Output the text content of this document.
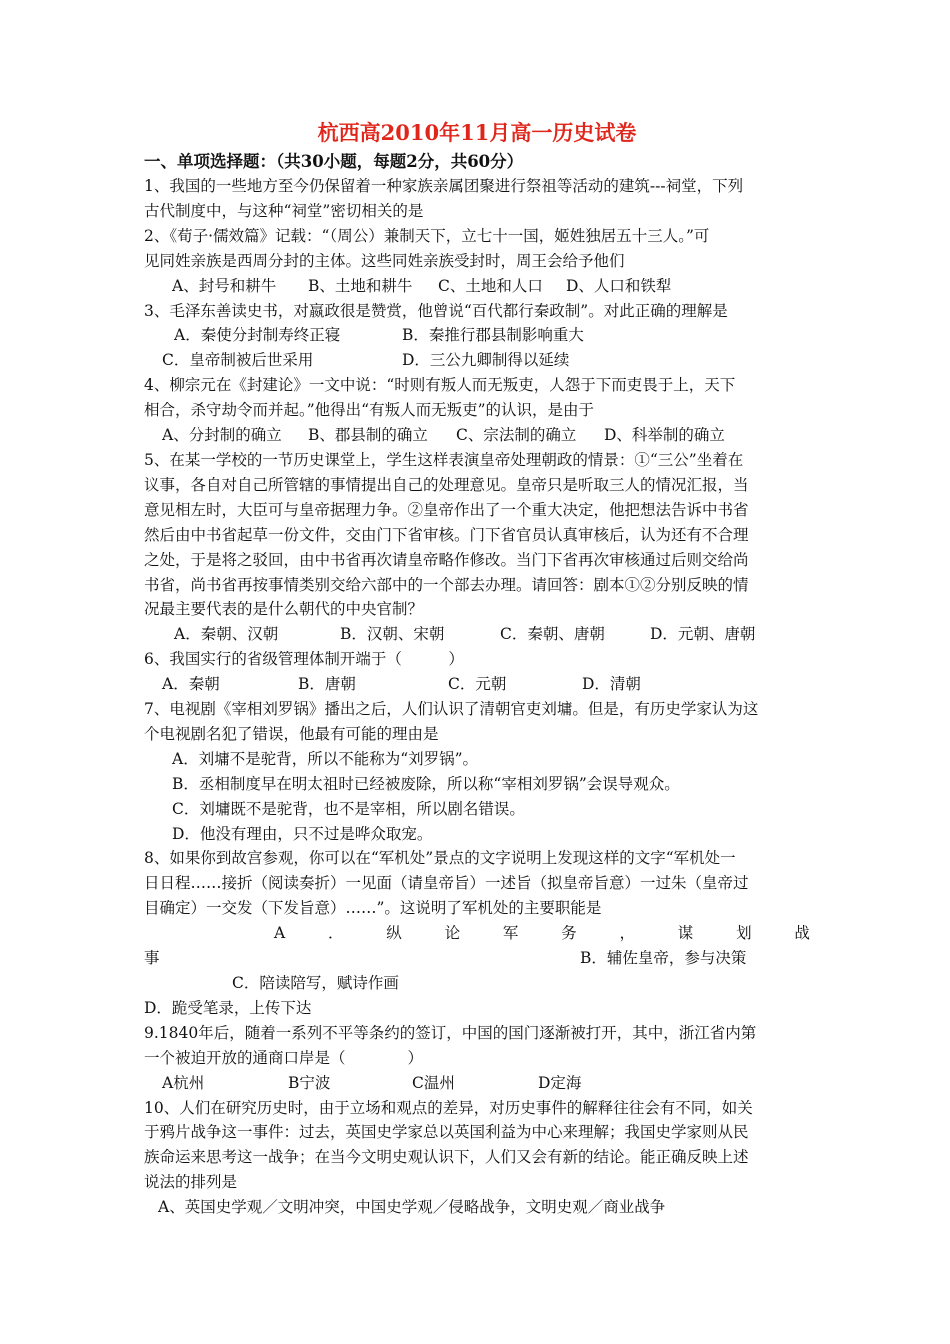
杭西高2010年11月高一历史试卷
一、单项选择题：（共30小题，每题2分，共60分）

1、我国的一些地方至今仍保留着一种家族亲属团聚进行祭祖等活动的建筑---祠堂，下列

古代制度中，与这种“祠堂”密切相关的是

2、《荀子·儒效篇》记载：“（周公）兼制天下，立七十一国，姬姓独居五十三人。”可

见同姓亲族是西周分封的主体。这些同姓亲族受封时，周王会给予他们

A、封号和耕牛	B、土地和耕牛	C、土地和人口	D、人口和铁犁

3、毛泽东善读史书，对嬴政很是赞赏，他曾说“百代都行秦政制”。对此正确的理解是

A．秦使分封制寿终正寝	B．秦推行郡县制影响重大
C．皇帝制被后世采用	D．三公九卿制得以延续

4、柳宗元在《封建论》一文中说：“时则有叛人而无叛吏，人怨于下而吏畏于上，天下

相合，杀守劫令而并起。”他得出“有叛人而无叛吏”的认识，是由于

A、分封制的确立	B、郡县制的确立	C、宗法制的确立	D、科举制的确立

5、在某一学校的一节历史课堂上，学生这样表演皇帝处理朝政的情景：①“三公”坐着在

议事，各自对自己所管辖的事情提出自己的处理意见。皇帝只是听取三人的情况汇报，当

意见相左时，大臣可与皇帝据理力争。②皇帝作出了一个重大决定，他把想法告诉中书省

然后由中书省起草一份文件，交由门下省审核。门下省官员认真审核后，认为还有不合理

之处，于是将之驳回，由中书省再次请皇帝略作修改。当门下省再次审核通过后则交给尚

书省，尚书省再按事情类别交给六部中的一个部去办理。请回答：剧本①②分别反映的情

况最主要代表的是什么朝代的中央官制？

A．秦朝、汉朝	B．汉朝、宋朝	C．秦朝、唐朝	D．元朝、唐朝

6、我国实行的省级管理体制开端于（　　　）

A．秦朝	B．唐朝	C．元朝	D．清朝

7、电视剧《宰相刘罗锅》播出之后，人们认识了清朝官吏刘墉。但是，有历史学家认为这

个电视剧名犯了错误，他最有可能的理由是

A．刘墉不是驼背，所以不能称为“刘罗锅”。

B．丞相制度早在明太祖时已经被废除，所以称“宰相刘罗锅”会误导观众。

C．刘墉既不是驼背，也不是宰相，所以剧名错误。

D．他没有理由，只不过是哗众取宠。

8、如果你到故宫参观，你可以在“军机处”景点的文字说明上发现这样的文字“军机处一

日日程……接折（阅读奏折）一见面（请皇帝旨）一述旨（拟皇帝旨意）一过朱（皇帝过

目确定）一交发（下发旨意）……”。这说明了军机处的主要职能是

A	．	纵	论	军	务	，	谋	划	战
事	B．辅佐皇帝，参与决策

C．陪读陪写，赋诗作画

D．跪受笔录，上传下达

9.1840年后，随着一系列不平等条约的签订，中国的国门逐渐被打开，其中，浙江省内第

一个被迫开放的通商口岸是（　　　　）

A杭州	B宁波	C温州	D定海

10、人们在研究历史时，由于立场和观点的差异，对历史事件的解释往往会有不同，如关

于鸦片战争这一事件：过去，英国史学家总以英国利益为中心来理解；我国史学家则从民

族命运来思考这一战争；在当今文明史观认识下，人们又会有新的结论。能正确反映上述

说法的排列是

A、英国史学观／文明冲突，中国史学观／侵略战争，文明史观／商业战争
